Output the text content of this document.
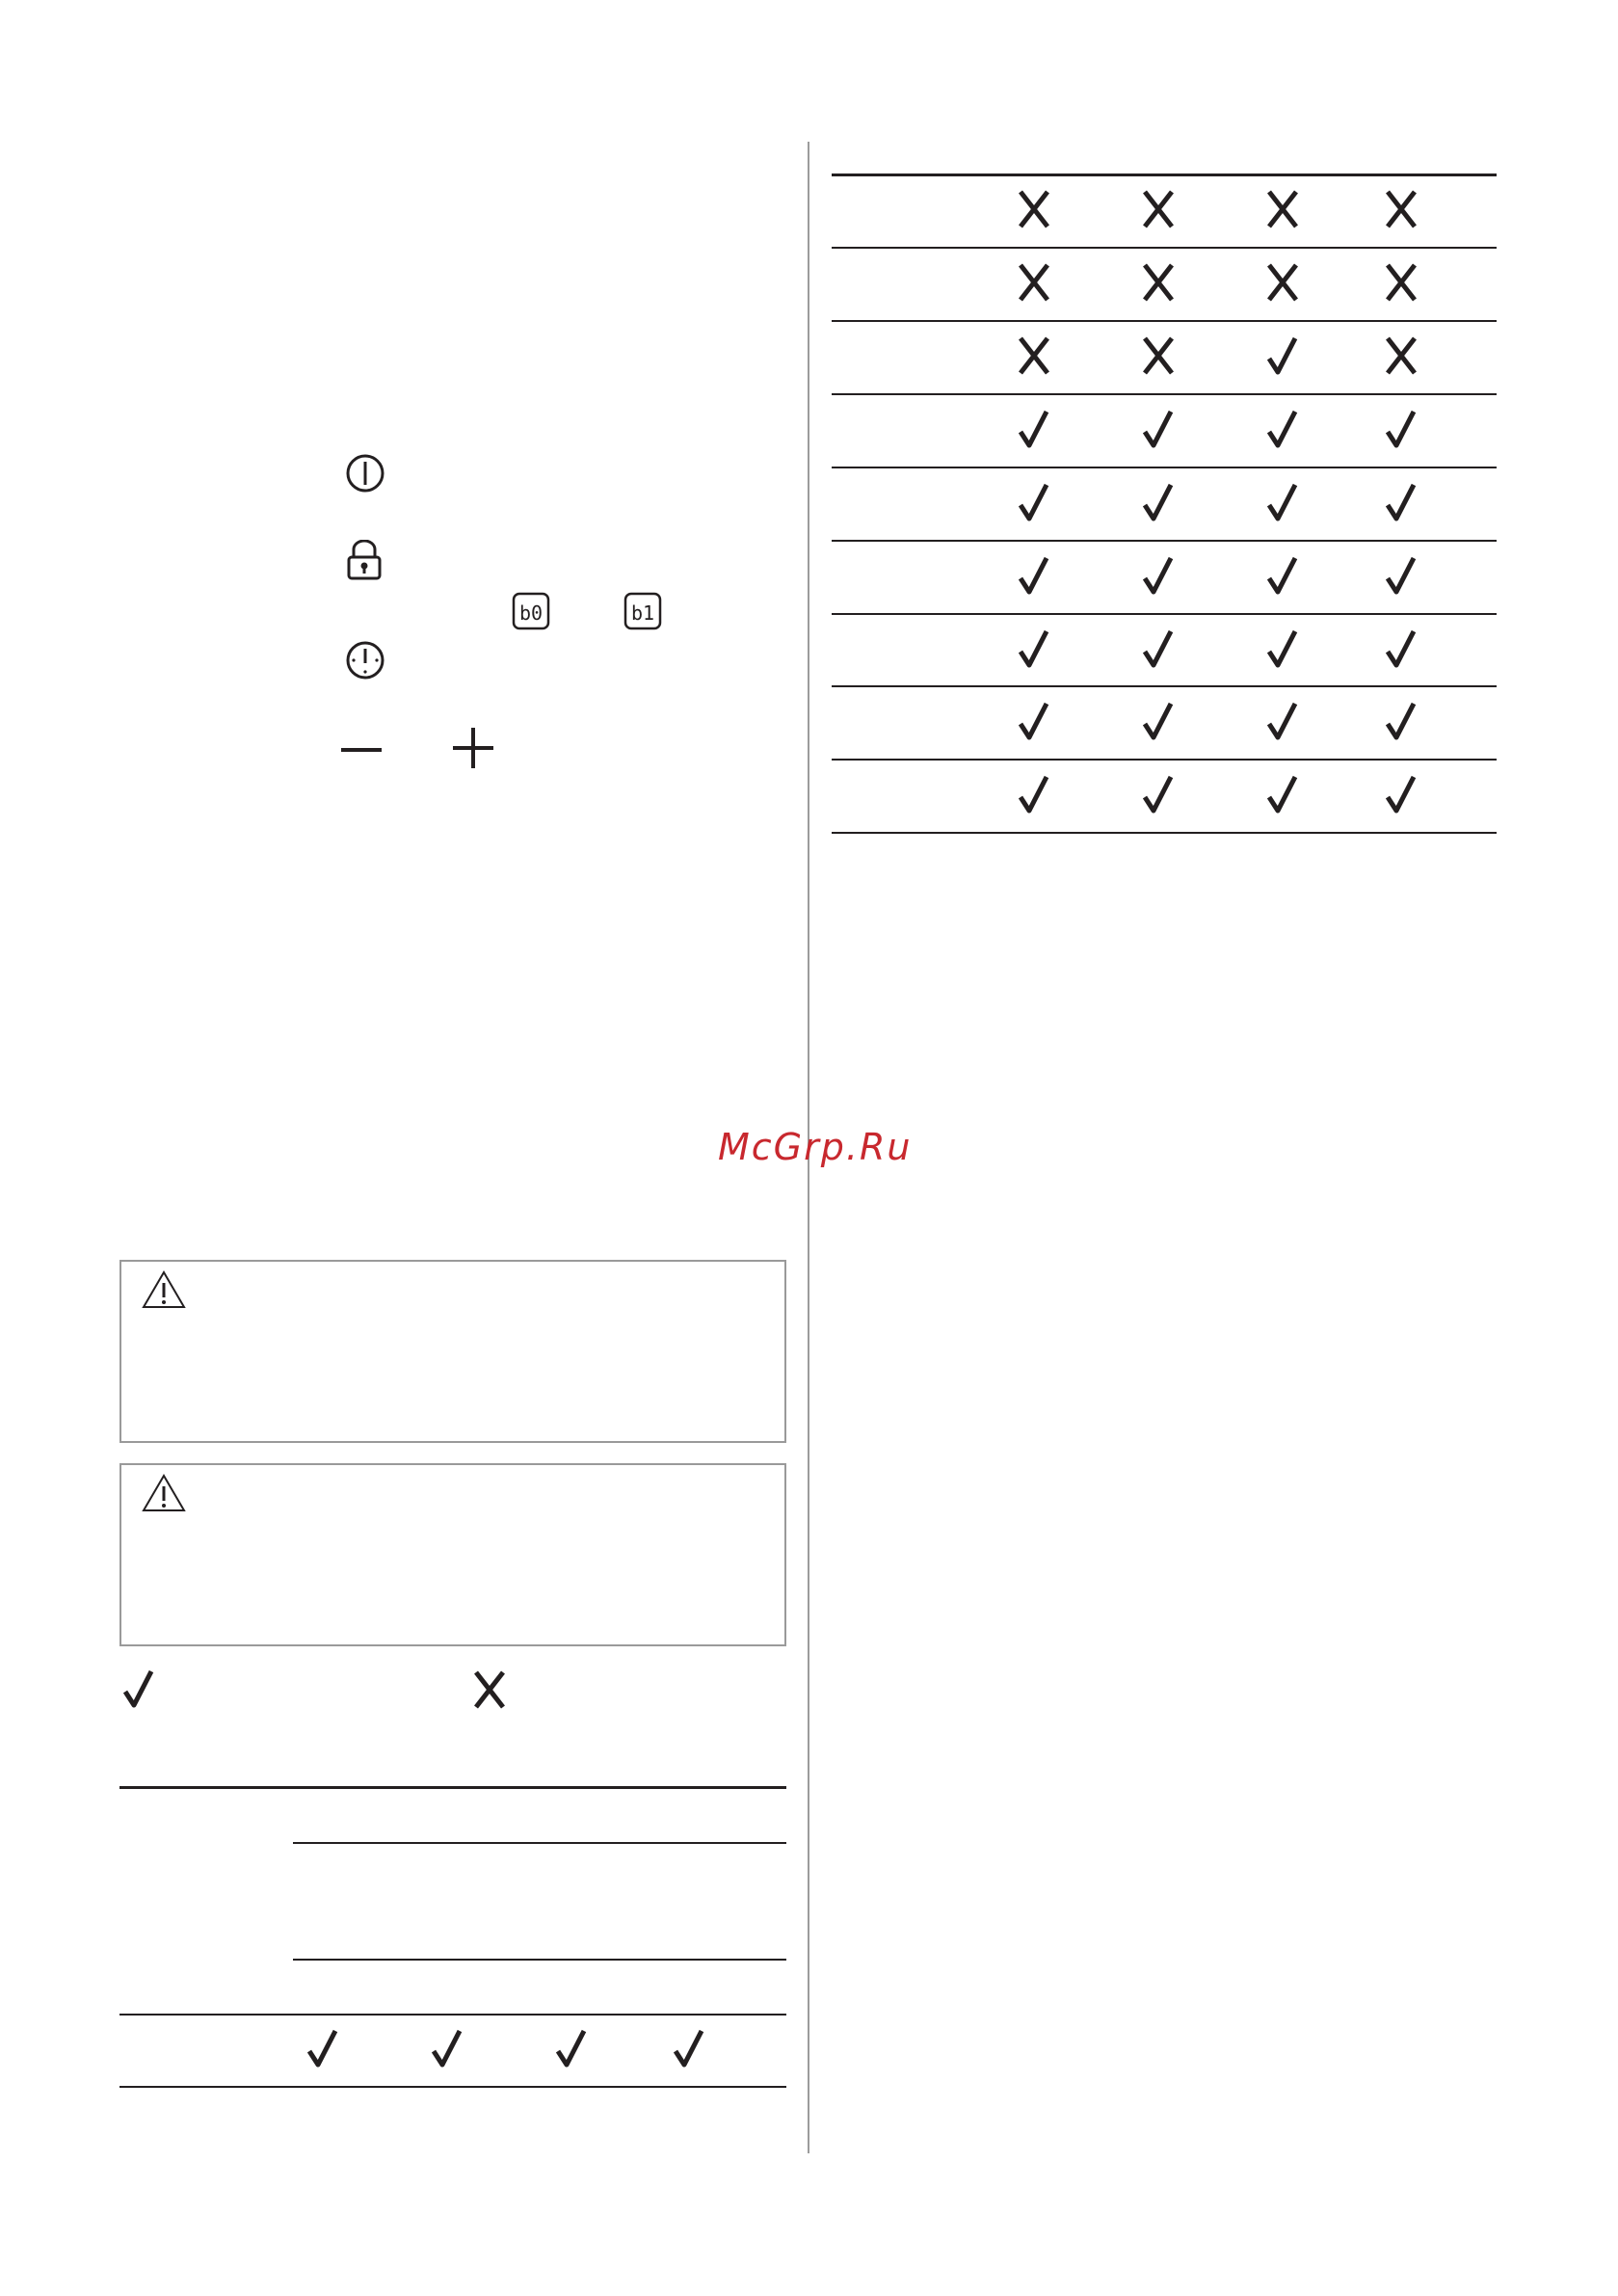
b0	b1
McGrp.Ru
